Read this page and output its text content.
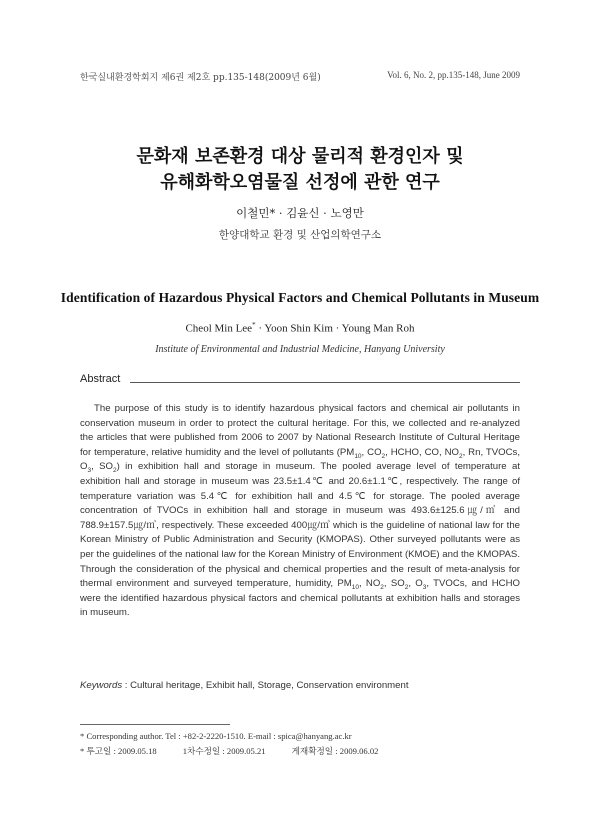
한국실내환경학회지 제6권 제2호 pp.135-148(2009년 6월)	Vol. 6, No. 2, pp.135-148, June 2009
문화재 보존환경 대상 물리적 환경인자 및
유해화학오염물질 선정에 관한 연구
이철민* · 김윤신 · 노영만
한양대학교 환경 및 산업의학연구소
Identification of Hazardous Physical Factors and Chemical Pollutants in Museum
Cheol Min Lee* · Yoon Shin Kim · Young Man Roh
Institute of Environmental and Industrial Medicine, Hanyang University
Abstract

The purpose of this study is to identify hazardous physical factors and chemical air pollutants in conservation museum in order to protect the cultural heritage. For this, we collected and re-analyzed the articles that were published from 2006 to 2007 by National Research Institute of Cultural Heritage for temperature, relative humidity and the level of pollutants ($PM_{10}$, $CO_2$, HCHO, CO, $NO_2$, Rn, TVOCs, $O_3$, $SO_2$) in exhibition hall and storage in museum. The pooled average level of temperature at exhibition hall and storage in museum was 23.5±1.4℃ and 20.6±1.1℃, respectively. The range of temperature variation was 5.4℃ for exhibition hall and 4.5℃ for storage. The pooled average concentration of TVOCs in exhibition hall and storage in museum was 493.6±125.6㎍/㎥ and 788.9±157.5㎍/㎥, respectively. These exceeded 400㎍/㎥ which is the guideline of national law for the Korean Ministry of Public Administration and Security (KMOPAS). Other surveyed pollutants were as per the guidelines of the national law for the Korean Ministry of Environment (KMOE) and the KMOPAS. Through the consideration of the physical and chemical properties and the result of meta-analysis for thermal environment and surveyed temperature, humidity, $PM_{10}$, $NO_2$, $SO_2$, $O_3$, TVOCs, and HCHO were the identified hazardous physical factors and chemical pollutants at exhibition halls and storages in museum.

Keywords : Cultural heritage, Exhibit hall, Storage, Conservation environment
* Corresponding author. Tel : +82-2-2220-1510. E-mail : spica@hanyang.ac.kr
* 투고일 : 2009.05.18	1차수정일 : 2009.05.21	게재확정일 : 2009.06.02
